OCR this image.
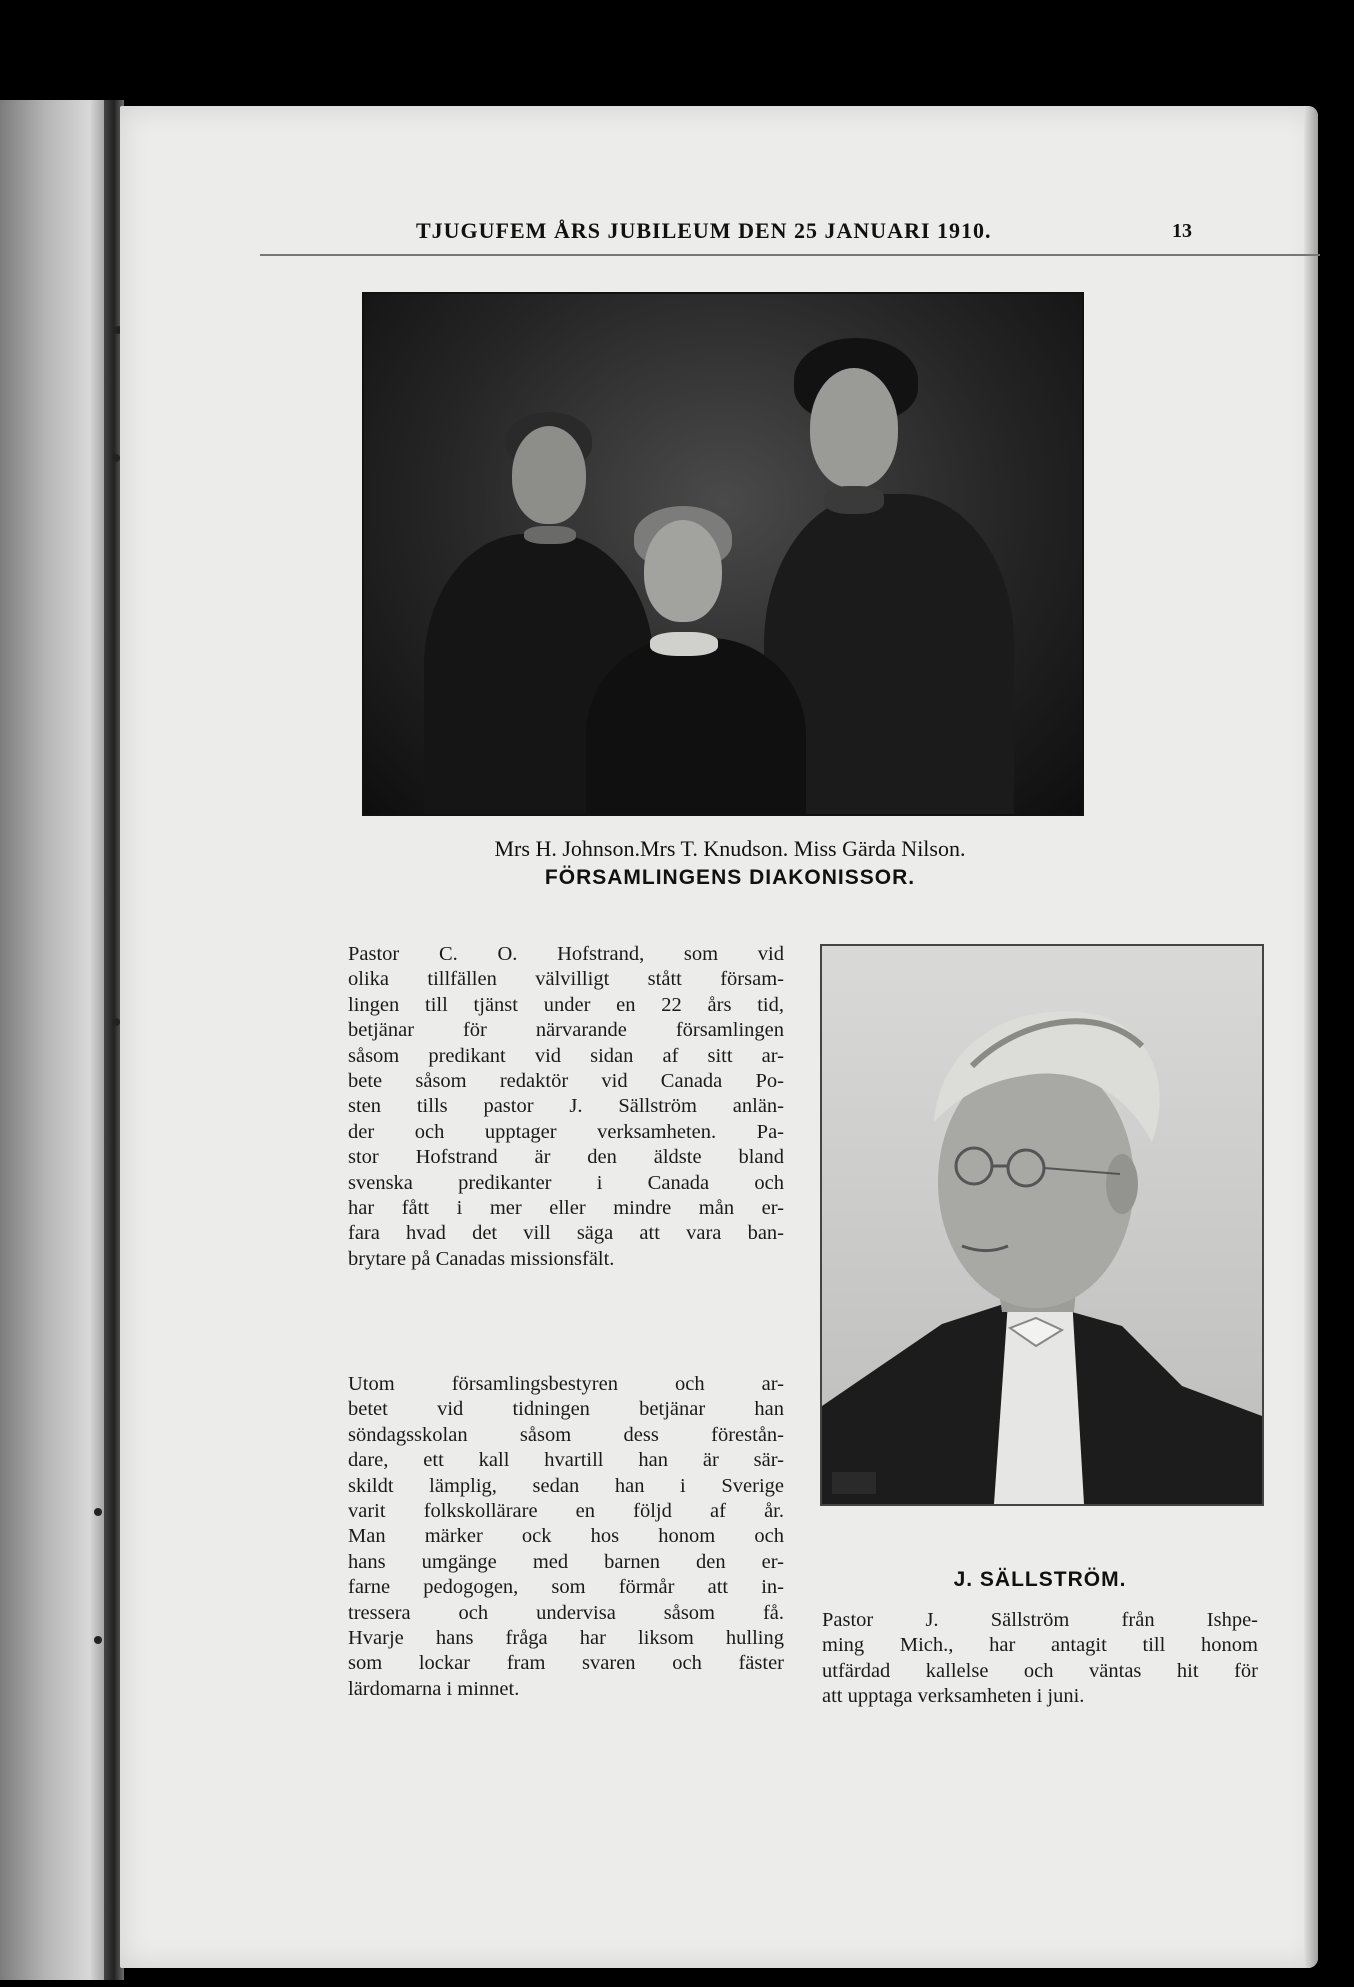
TJUGUFEM ÅRS JUBILEUM DEN 25 JANUARI 1910.	13
Mrs H. Johnson.Mrs T. Knudson. Miss Gärda Nilson.
FÖRSAMLINGENS DIAKONISSOR.
Pastor C. O. Hofstrand, som vid
olika tillfällen välvilligt stått försam-
lingen till tjänst under en 22 års tid,
betjänar för närvarande församlingen
såsom predikant vid sidan af sitt ar-
bete såsom redaktör vid Canada Po-
sten tills pastor J. Sällström anlän-
der och upptager verksamheten. Pa-
stor Hofstrand är den äldste bland
svenska predikanter i Canada och
har fått i mer eller mindre mån er-
fara hvad det vill säga att vara ban-
brytare på Canadas missionsfält.
Utom församlingsbestyren och ar-
betet vid tidningen betjänar han
söndagsskolan såsom dess förestån-
dare, ett kall hvartill han är sär-
skildt lämplig, sedan han i Sverige
varit folkskollärare en följd af år.
Man märker ock hos honom och
hans umgänge med barnen den er-
farne pedogogen, som förmår att in-
tressera och undervisa såsom få.
Hvarje hans fråga har liksom hulling
som lockar fram svaren och fäster
lärdomarna i minnet.
J. SÄLLSTRÖM.
Pastor J. Sällström från Ishpe-
ming Mich., har antagit till honom
utfärdad kallelse och väntas hit för
att upptaga verksamheten i juni.
